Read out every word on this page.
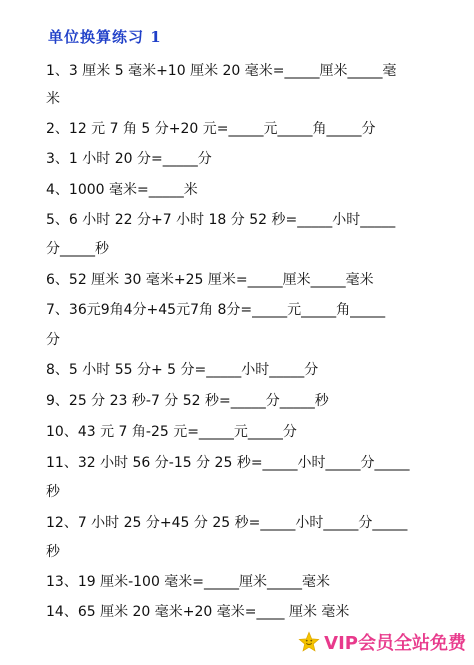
单位换算练习 1
1、3 厘米 5 毫米+10 厘米 20 毫米=_____厘米_____毫
米
2、12 元 7 角 5 分+20 元=_____元_____角_____分
3、1 小时 20 分=_____分
4、1000 毫米=_____米
5、6 小时 22 分+7 小时 18 分 52 秒=_____小时_____
分_____秒
6、52 厘米 30 毫米+25 厘米=_____厘米_____毫米
7、36元9角4分+45元7角 8分=_____元_____角_____
分
8、5 小时 55 分+ 5 分=_____小时_____分
9、25 分 23 秒-7 分 52 秒=_____分_____秒
10、43 元 7 角-25 元=_____元_____分
11、32 小时 56 分-15 分 25 秒=_____小时_____分_____
秒
12、7 小时 25 分+45 分 25 秒=_____小时_____分_____
秒
13、19 厘米-100 毫米=_____厘米_____毫米
14、65 厘米 20 毫米+20 毫米=____ 厘米 毫米
VIP会员全站免费
